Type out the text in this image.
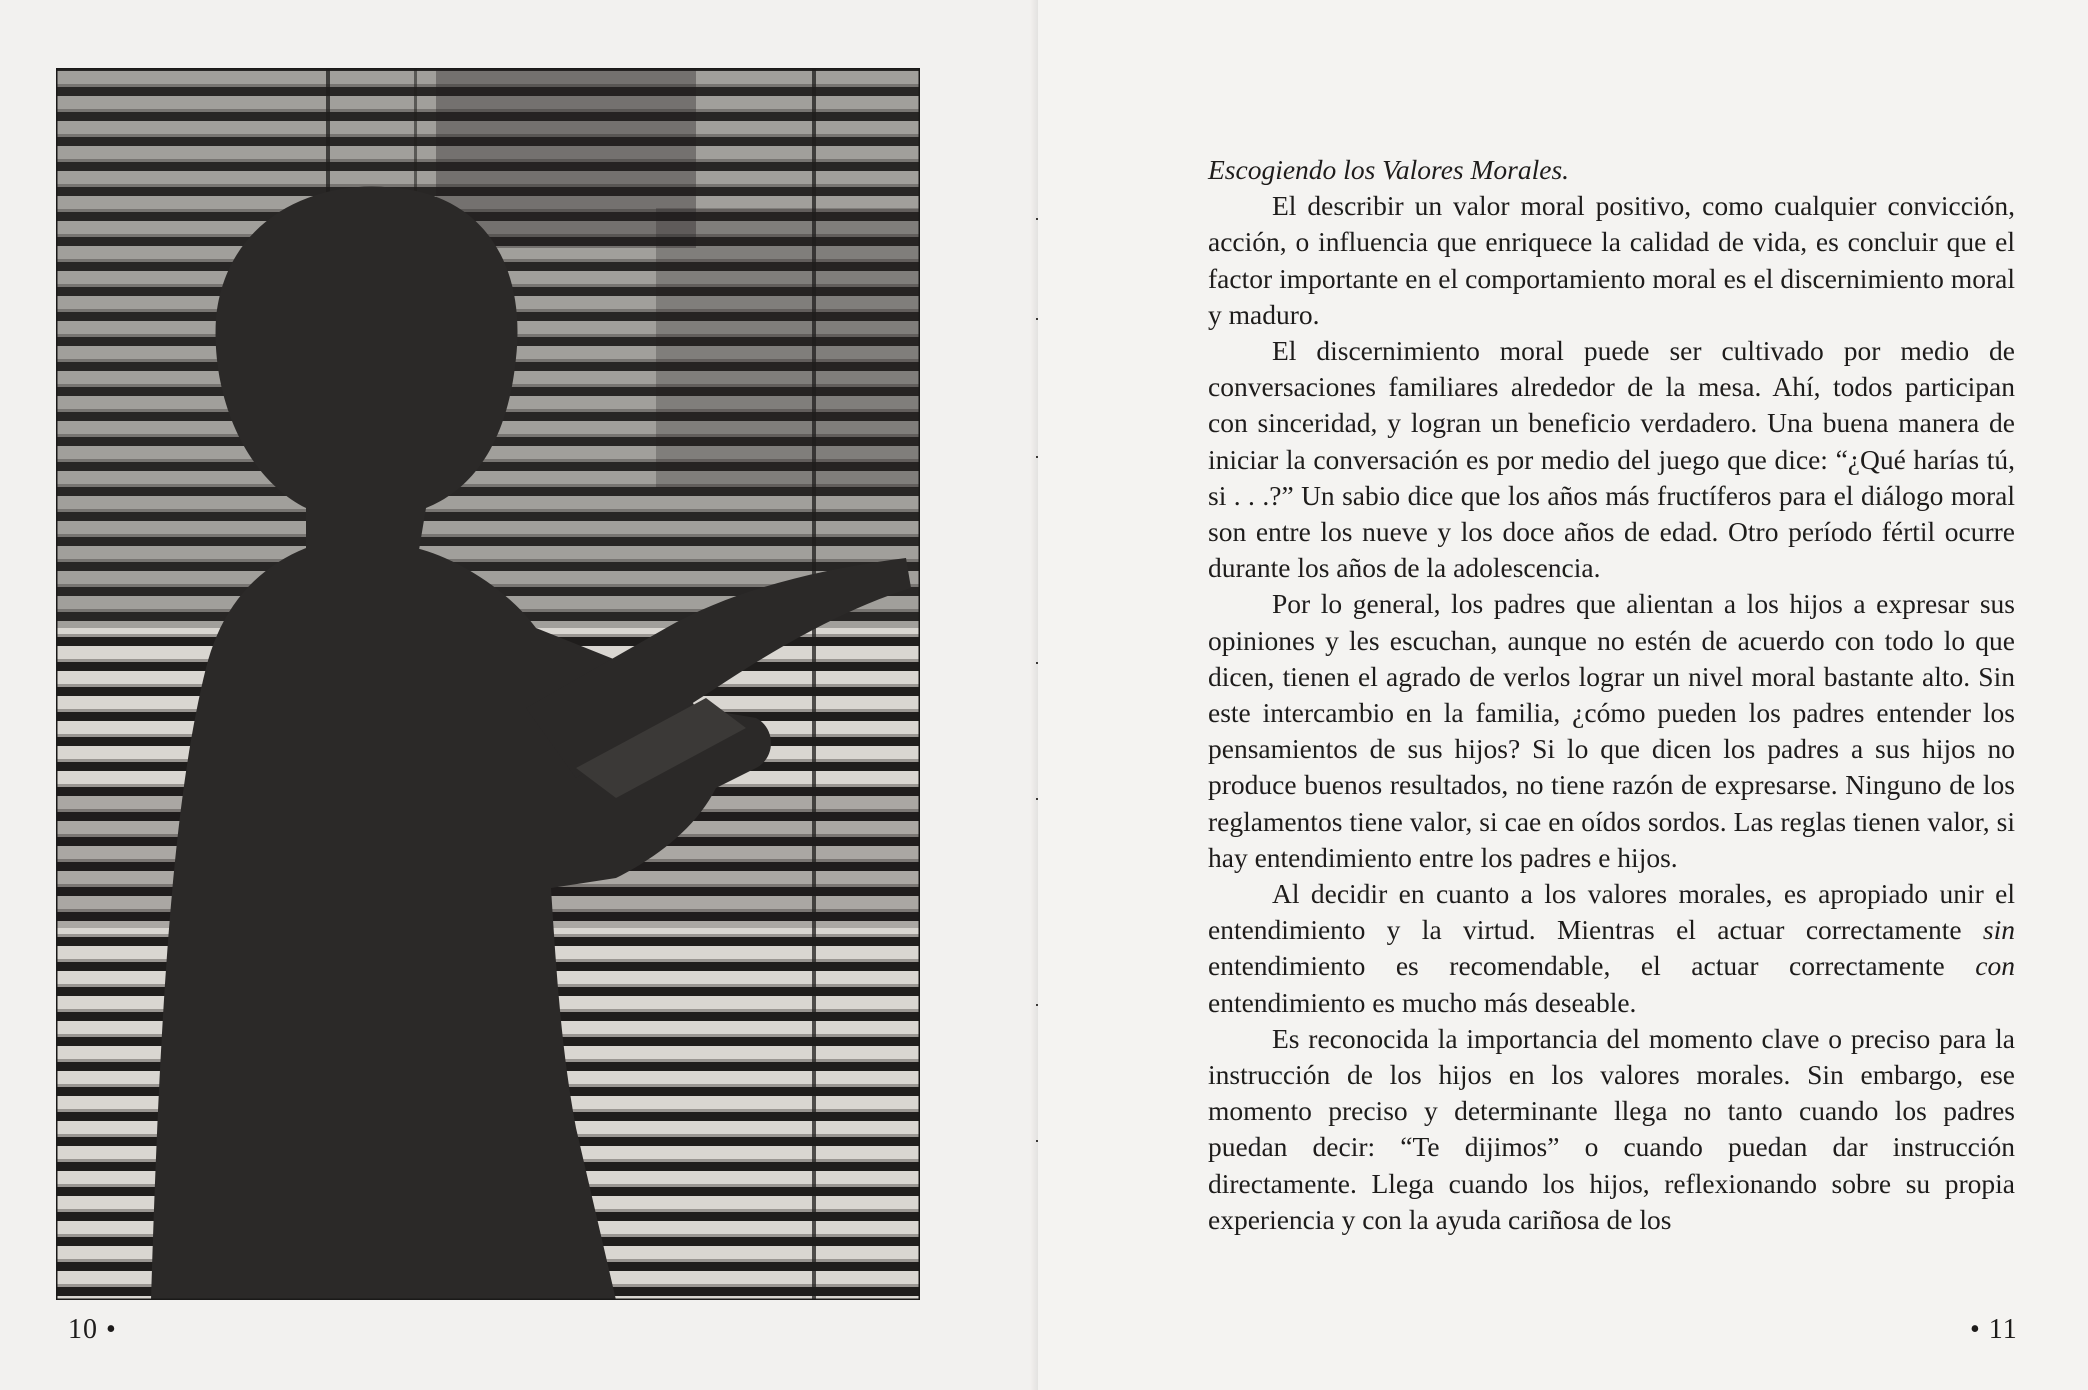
10 •

Escogiendo los Valores Morales.

El describir un valor moral positivo, como cualquier convicción, acción, o influencia que enriquece la calidad de vida, es concluir que el factor importante en el comportamiento moral es el discernimiento moral y maduro.

El discernimiento moral puede ser cultivado por medio de conversaciones familiares alrededor de la mesa. Ahí, todos participan con sinceridad, y logran un beneficio verdadero. Una buena manera de iniciar la conversación es por medio del juego que dice: “¿Qué harías tú, si . . .?” Un sabio dice que los años más fructíferos para el diálogo moral son entre los nueve y los doce años de edad. Otro período fértil ocurre durante los años de la adolescencia.

Por lo general, los padres que alientan a los hijos a expresar sus opiniones y les escuchan, aunque no estén de acuerdo con todo lo que dicen, tienen el agrado de verlos lograr un nivel moral bastante alto. Sin este intercambio en la familia, ¿cómo pueden los padres entender los pensamientos de sus hijos? Si lo que dicen los padres a sus hijos no produce buenos resultados, no tiene razón de expresarse. Ninguno de los reglamentos tiene valor, si cae en oídos sordos. Las reglas tienen valor, si hay entendimiento entre los padres e hijos.

Al decidir en cuanto a los valores morales, es apropiado unir el entendimiento y la virtud. Mientras el actuar correctamente sin entendimiento es recomendable, el actuar correctamente con entendimiento es mucho más deseable.

Es reconocida la importancia del momento clave o preciso para la instrucción de los hijos en los valores morales. Sin embargo, ese momento preciso y determinante llega no tanto cuando los padres puedan decir: “Te dijimos” o cuando puedan dar instrucción directamente. Llega cuando los hijos, reflexionando sobre su propia experiencia y con la ayuda cariñosa de los

• 11
